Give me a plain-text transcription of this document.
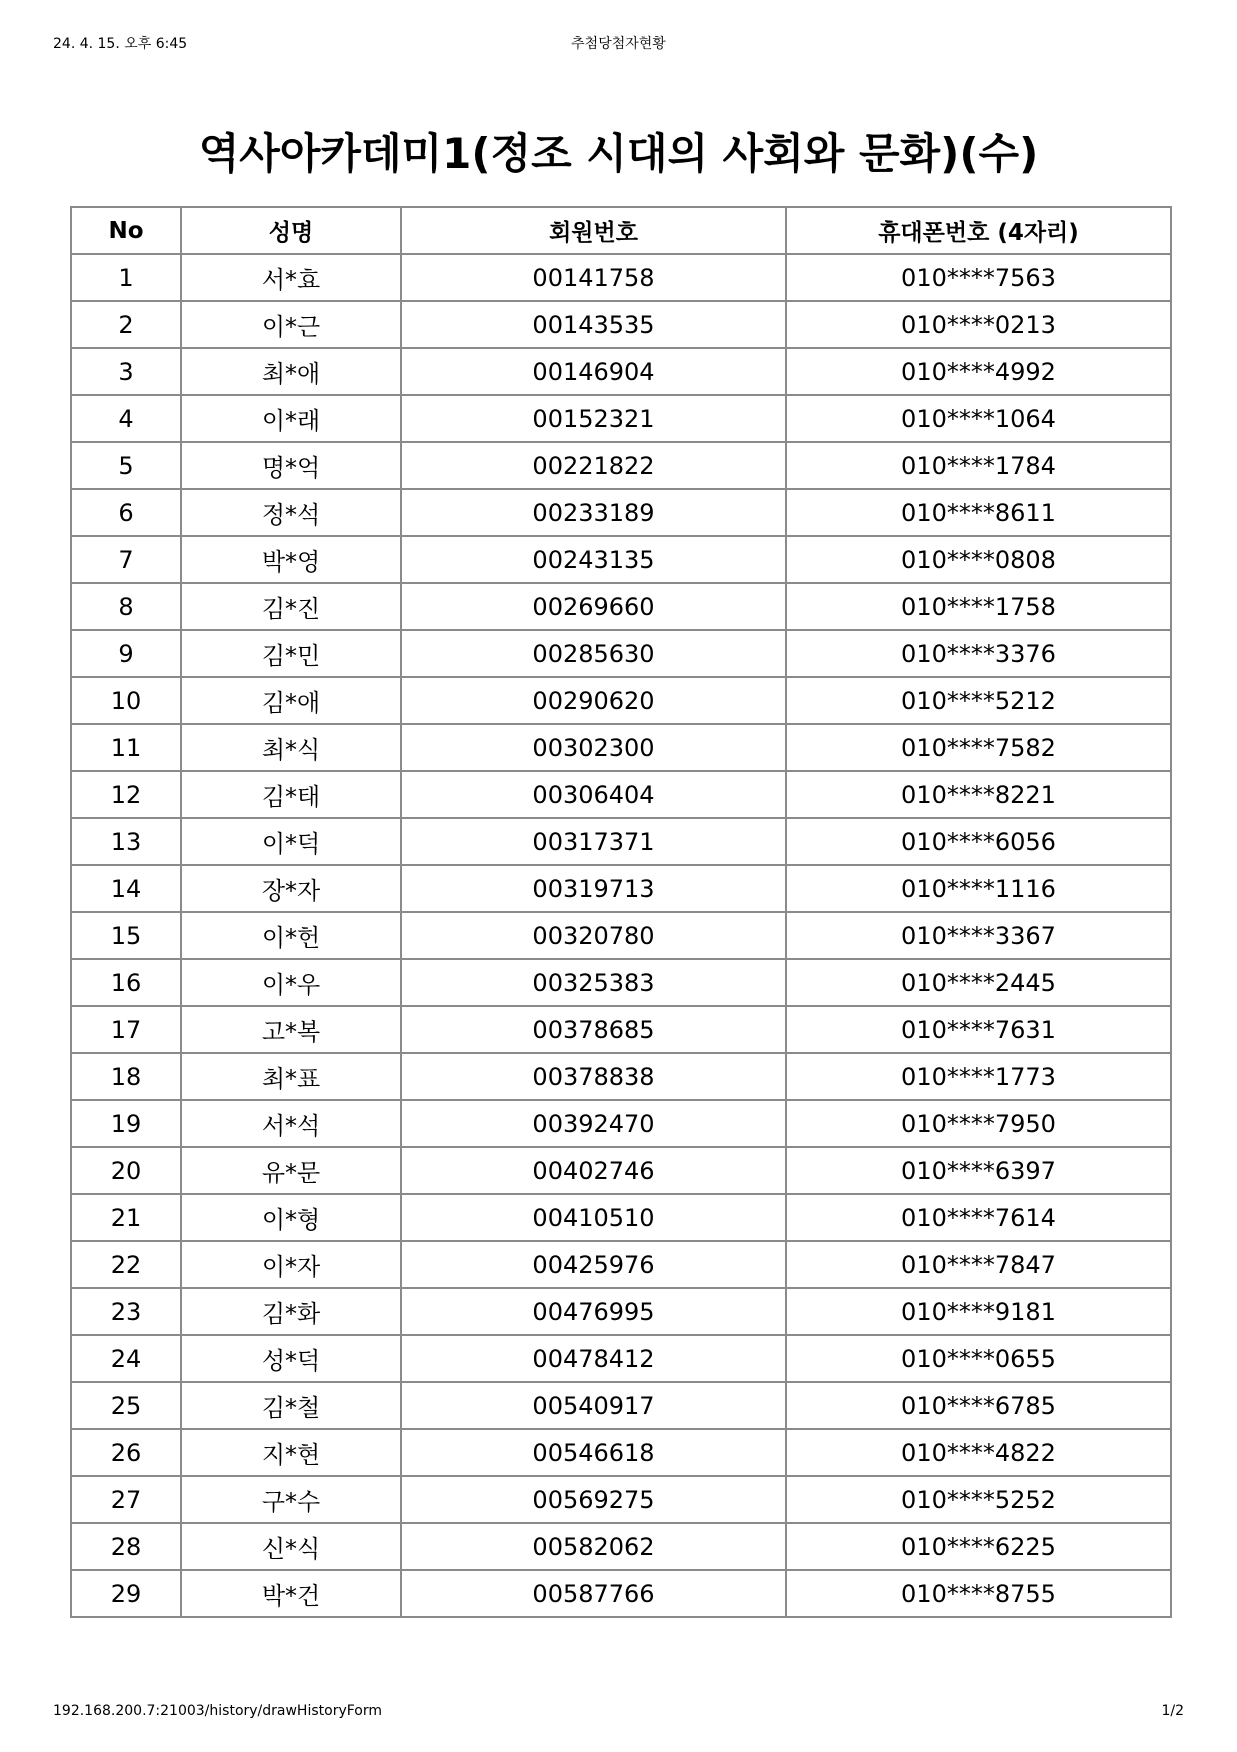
24. 4. 15. 오후 6:45	추첨당첨자현황
역사아카데미1(정조 시대의 사회와 문화)(수)
No	성명	회원번호	휴대폰번호 (4자리)
1	서*효	00141758	010****7563
2	이*근	00143535	010****0213
3	최*애	00146904	010****4992
4	이*래	00152321	010****1064
5	명*억	00221822	010****1784
6	정*석	00233189	010****8611
7	박*영	00243135	010****0808
8	김*진	00269660	010****1758
9	김*민	00285630	010****3376
10	김*애	00290620	010****5212
11	최*식	00302300	010****7582
12	김*태	00306404	010****8221
13	이*덕	00317371	010****6056
14	장*자	00319713	010****1116
15	이*헌	00320780	010****3367
16	이*우	00325383	010****2445
17	고*복	00378685	010****7631
18	최*표	00378838	010****1773
19	서*석	00392470	010****7950
20	유*문	00402746	010****6397
21	이*형	00410510	010****7614
22	이*자	00425976	010****7847
23	김*화	00476995	010****9181
24	성*덕	00478412	010****0655
25	김*철	00540917	010****6785
26	지*현	00546618	010****4822
27	구*수	00569275	010****5252
28	신*식	00582062	010****6225
29	박*건	00587766	010****8755
192.168.200.7:21003/history/drawHistoryForm	1/2
